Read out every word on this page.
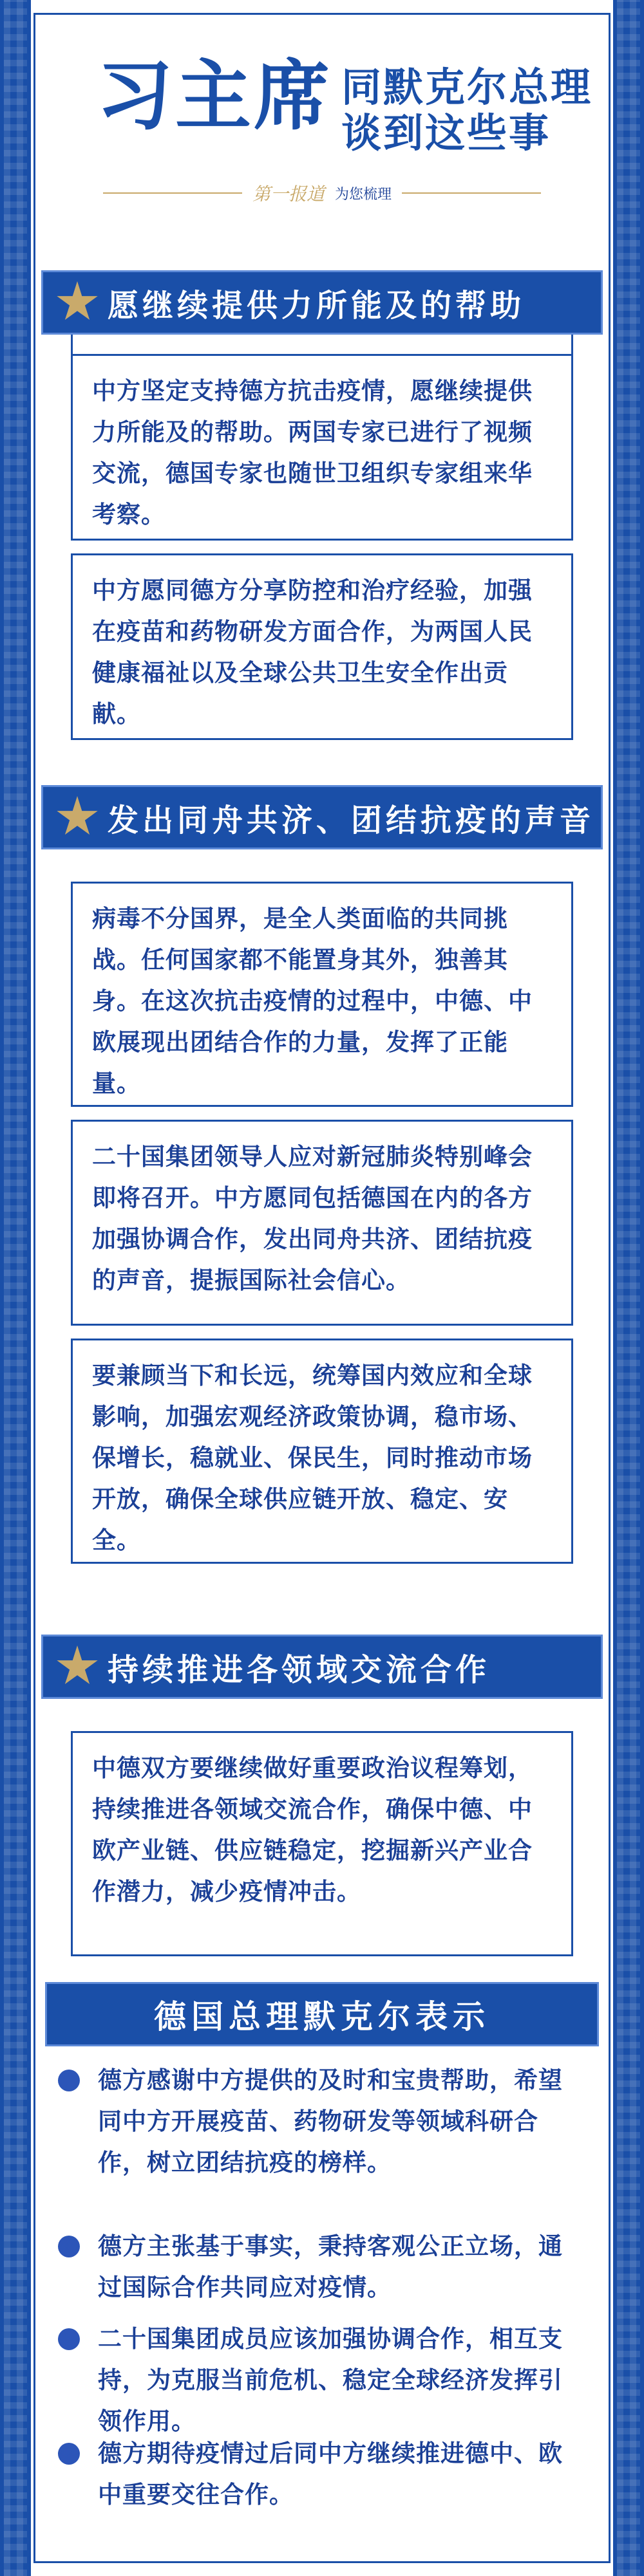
习主席 同默克尔总理
谈到这些事
第一报道 为您梳理
愿继续提供力所能及的帮助

中方坚定支持德方抗击疫情，愿继续提供力所能及的帮助。两国专家已进行了视频交流，德国专家也随世卫组织专家组来华考察。

中方愿同德方分享防控和治疗经验，加强在疫苗和药物研发方面合作，为两国人民健康福祉以及全球公共卫生安全作出贡献。

发出同舟共济、团结抗疫的声音

病毒不分国界，是全人类面临的共同挑战。任何国家都不能置身其外，独善其身。在这次抗击疫情的过程中，中德、中欧展现出团结合作的力量，发挥了正能量。

二十国集团领导人应对新冠肺炎特别峰会即将召开。中方愿同包括德国在内的各方加强协调合作，发出同舟共济、团结抗疫的声音，提振国际社会信心。

要兼顾当下和长远，统筹国内效应和全球影响，加强宏观经济政策协调，稳市场、保增长，稳就业、保民生，同时推动市场开放，确保全球供应链开放、稳定、安全。

持续推进各领域交流合作

中德双方要继续做好重要政治议程筹划，持续推进各领域交流合作，确保中德、中欧产业链、供应链稳定，挖掘新兴产业合作潜力，减少疫情冲击。

德国总理默克尔表示

德方感谢中方提供的及时和宝贵帮助，希望同中方开展疫苗、药物研发等领域科研合作，树立团结抗疫的榜样。

德方主张基于事实，秉持客观公正立场，通过国际合作共同应对疫情。

二十国集团成员应该加强协调合作，相互支持，为克服当前危机、稳定全球经济发挥引领作用。

德方期待疫情过后同中方继续推进德中、欧中重要交往合作。
